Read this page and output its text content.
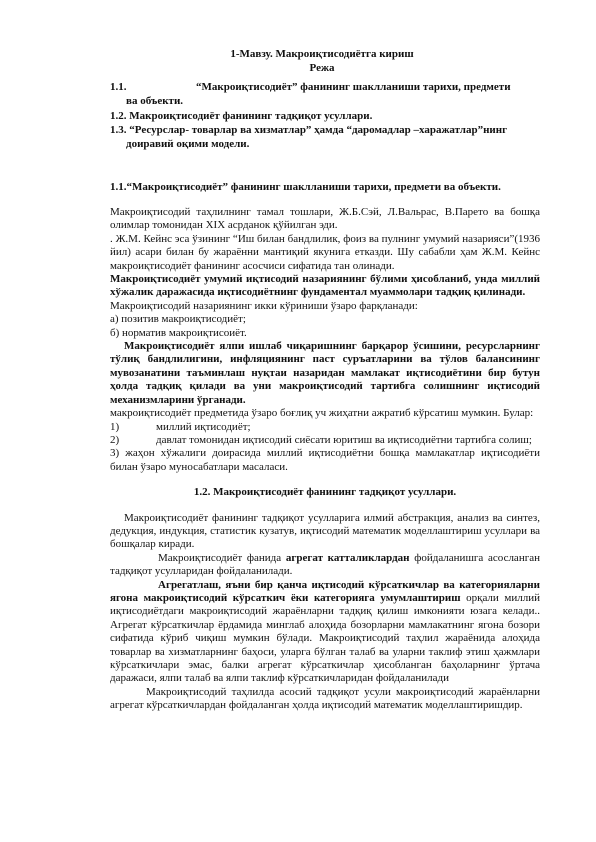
1-Мавзу. Макроиқтисодиётга кириш
Режа
1.1.	“Макроиқтисодиёт” фанининг шаклланиши тарихи, предмети
ва объекти.
1.2. Макроиқтисодиёт фанининг тадқиқот усуллари.
1.3. “Ресурслар- товарлар ва хизматлар” ҳамда “даромадлар –харажатлар”нинг
доиравий оқими модели.
1.1.“Макроиқтисодиёт” фанининг шаклланиши тарихи, предмети ва объекти.

Макроиқтисодий таҳлилнинг тамал тошлари, Ж.Б.Сэй, Л.Вальрас, В.Парето ва бошқа олимлар томонидан XIX асрданок қўйилган эди.

. Ж.М. Кейнс эса ўзининг “Иш билан бандлилик, фоиз ва пулнинг умумий назарияси”(1936 йил) асари билан бу жараённи мантиқий якунига етказди. Шу сабабли ҳам Ж.М. Кейнс макроиқтисодиёт фанининг асосчиси сифатида тан олинади.

Макроиқтисодиёт умумий иқтисодий назариянинг бўлими ҳисобланиб, унда миллий хўжалик даражасида иқтисодиётнинг фундаментал муаммолари тадқиқ қилинади.

Макроиқтисодий назариянинг икки кўриниши ўзаро фарқланади:

а) позитив макроиқтисодиёт;

б) норматив макроиқтисоиёт.

Макроиқтисодиёт ялпи ишлаб чиқаришнинг барқарор ўсишини, ресурсларнинг тўлиқ бандлилигини, инфляциянинг паст суръатларини ва тўлов балансининг мувозанатини таъминлаш нуқтаи назаридан мамлакат иқтисодиётини бир бутун ҳолда тадқиқ қилади ва уни макроиқтисодий тартибга солишнинг иқтисодий механизмларини ўрганади.

макроиқтисодиёт предметида ўзаро боғлиқ уч жиҳатни ажратиб кўрсатиш мумкин. Булар:

1)	миллий иқтисодиёт;
2)	давлат томонидан иқтисодий сиёсати юритиш ва иқтисодиётни тартибга солиш;

3) жаҳон хўжалиги доирасида миллий иқтисодиётни бошқа мамлакатлар иқтисодиёти билан ўзаро муносабатлари масаласи.

1.2. Макроиқтисодиёт фанининг тадқиқот усуллари.

Макроиқтисодиёт фанининг тадқиқот усулларига илмий абстракция, анализ ва синтез, дедукция, индукция, статистик кузатув, иқтисодий математик моделлаштириш усуллари ва бошқалар киради.

Макроиқтисодиёт фанида агрегат катталиклардан фойдаланишга асосланган тадқиқот усулларидан фойдаланилади.

Агрегатлаш, яъни бир қанча иқтисодий кўрсаткичлар ва категорияларни ягона макроиқтисодий кўрсаткич ёки категорияга умумлаштириш орқали миллий иқтисодиётдаги макроиқтисодий жараёнларни тадқиқ қилиш имконияти юзага келади.. Агрегат кўрсаткичлар ёрдамида минглаб алоҳида бозорларни мамлакатнинг ягона бозори сифатида кўриб чиқиш мумкин бўлади. Макроиқтисодий таҳлил жараёнида алоҳида товарлар ва хизматларнинг баҳоси, уларга бўлган талаб ва уларни таклиф этиш ҳажмлари кўрсаткичлари эмас, балки агрегат кўрсаткичлар ҳисобланган баҳоларнинг ўртача даражаси, ялпи талаб ва ялпи таклиф кўрсаткичларидан фойдаланилади

Макроиқтисодий таҳлилда асосий тадқиқот усули макроиқтисодий жараёнларни агрегат кўрсаткичлардан фойдаланган ҳолда иқтисодий математик моделлаштиришдир.
